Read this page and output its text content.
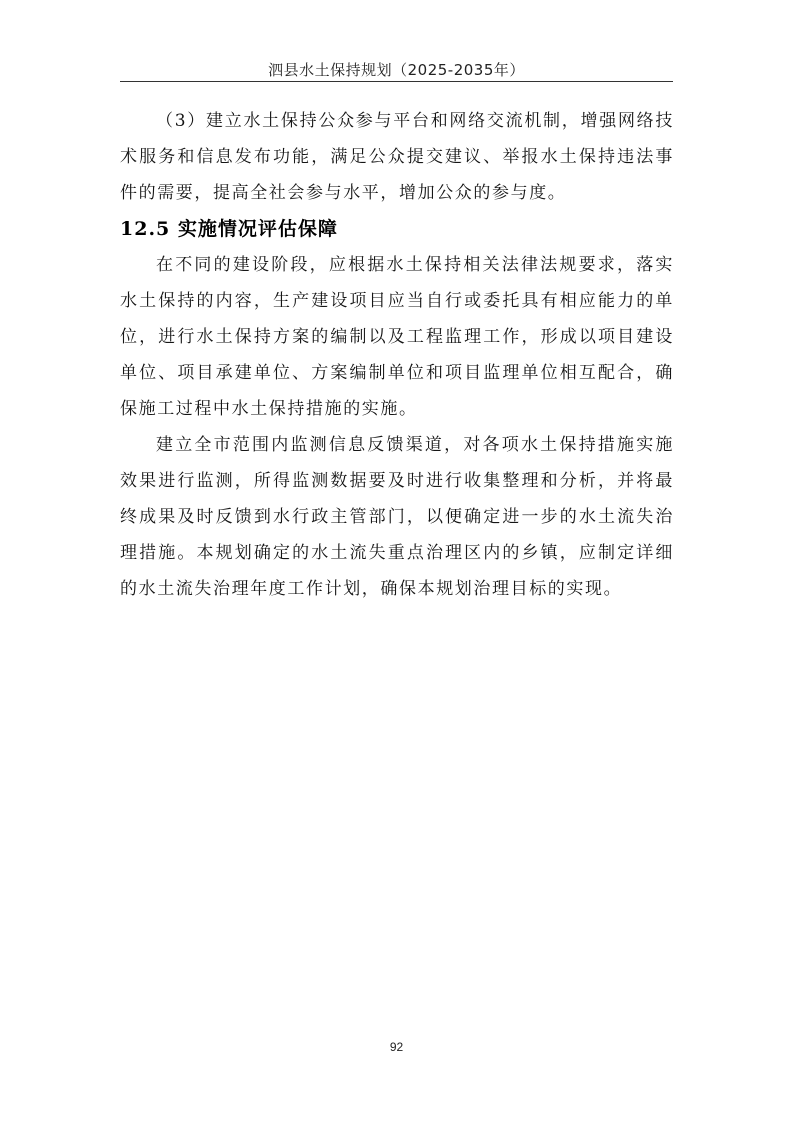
泗县水土保持规划（2025-2035年）

（3）建立水土保持公众参与平台和网络交流机制，增强网络技术服务和信息发布功能，满足公众提交建议、举报水土保持违法事件的需要，提高全社会参与水平，增加公众的参与度。

12.5 实施情况评估保障

在不同的建设阶段，应根据水土保持相关法律法规要求，落实水土保持的内容，生产建设项目应当自行或委托具有相应能力的单位，进行水土保持方案的编制以及工程监理工作，形成以项目建设单位、项目承建单位、方案编制单位和项目监理单位相互配合，确保施工过程中水土保持措施的实施。

建立全市范围内监测信息反馈渠道，对各项水土保持措施实施效果进行监测，所得监测数据要及时进行收集整理和分析，并将最终成果及时反馈到水行政主管部门，以便确定进一步的水土流失治理措施。本规划确定的水土流失重点治理区内的乡镇，应制定详细的水土流失治理年度工作计划，确保本规划治理目标的实现。

92
